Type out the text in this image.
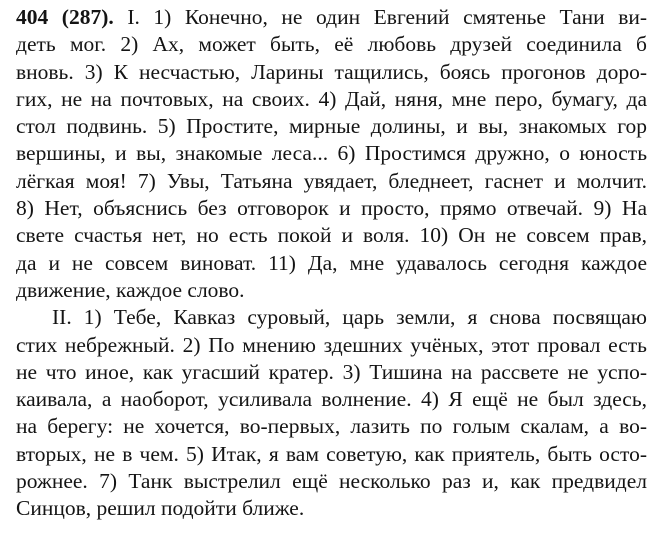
404 (287). I. 1) Конечно, не один Евгений смятенье Тани ви-
деть мог. 2) Ах, может быть, её любовь друзей соединила б
вновь. 3) К несчастью, Ларины тащились, боясь прогонов доро-
гих, не на почтовых, на своих. 4) Дай, няня, мне перо, бумагу, да
стол подвинь. 5) Простите, мирные долины, и вы, знакомых гор
вершины, и вы, знакомые леса... 6) Простимся дружно, о юность
лёгкая моя! 7) Увы, Татьяна увядает, бледнеет, гаснет и молчит.
8) Нет, объяснись без отговорок и просто, прямо отвечай. 9) На
свете счастья нет, но есть покой и воля. 10) Он не совсем прав,
да и не совсем виноват. 11) Да, мне удавалось сегодня каждое
движение, каждое слово.
II. 1) Тебе, Кавказ суровый, царь земли, я снова посвящаю
стих небрежный. 2) По мнению здешних учёных, этот провал есть
не что иное, как угасший кратер. 3) Тишина на рассвете не успо-
каивала, а наоборот, усиливала волнение. 4) Я ещё не был здесь,
на берегу: не хочется, во-первых, лазить по голым скалам, а во-
вторых, не в чем. 5) Итак, я вам советую, как приятель, быть осто-
рожнее. 7) Танк выстрелил ещё несколько раз и, как предвидел
Синцов, решил подойти ближе.
